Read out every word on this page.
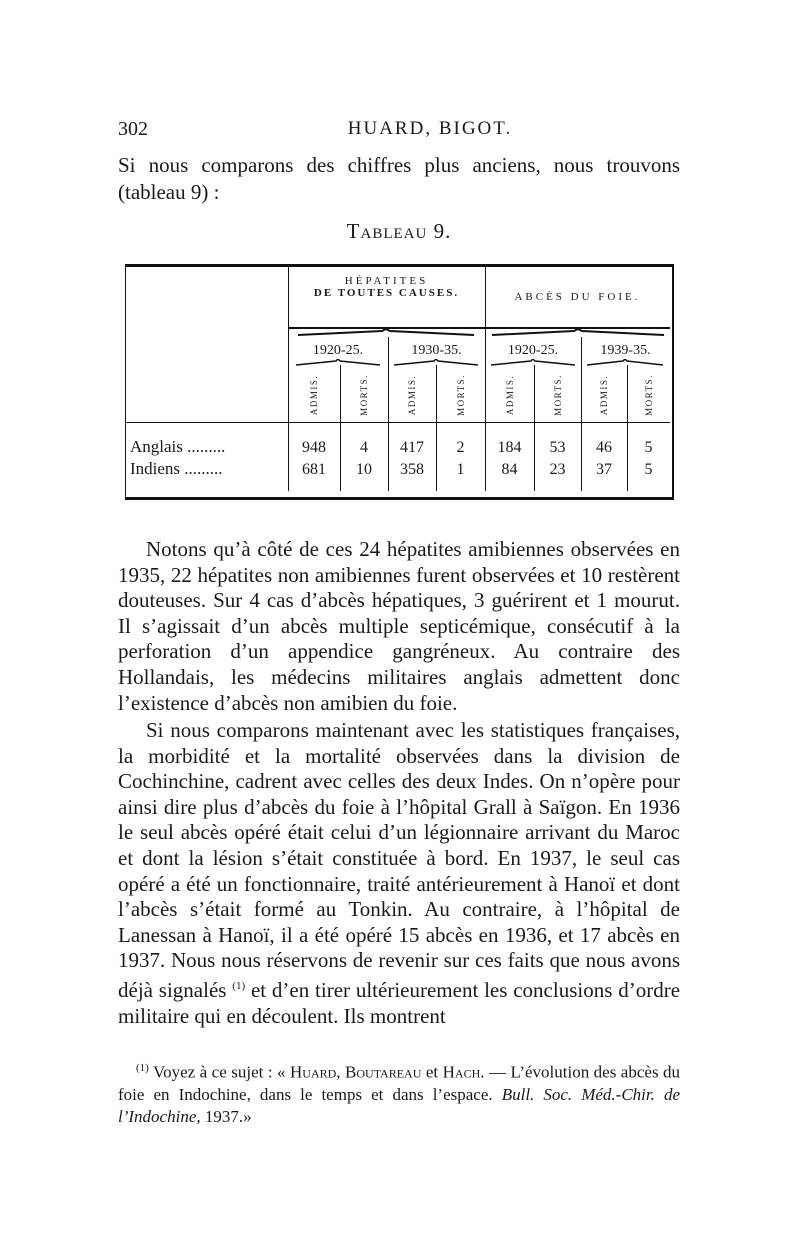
302	HUARD, BIGOT.

Si nous comparons des chiffres plus anciens, nous trouvons (tableau 9) :

Tableau 9.
HÉPATITES
DE TOUTES CAUSES.	ABCÈS DU FOIE.
1920-25.	1930-35.	1920-25.	1939-35.
ADMIS.	MORTS.	ADMIS.	MORTS.	ADMIS.	MORTS.	ADMIS.	MORTS.
Anglais .........	948	4	417	2	184	53	46	5
Indiens .........	681	10	358	1	84	23	37	5

Notons qu’à côté de ces 24 hépatites amibiennes observées en 1935, 22 hépatites non amibiennes furent observées et 10 restèrent douteuses. Sur 4 cas d’abcès hépatiques, 3 guérirent et 1 mourut. Il s’agissait d’un abcès multiple septicémique, consécutif à la perforation d’un appendice gangréneux. Au contraire des Hollandais, les médecins militaires anglais admettent donc l’existence d’abcès non amibien du foie.

Si nous comparons maintenant avec les statistiques françaises, la morbidité et la mortalité observées dans la division de Cochinchine, cadrent avec celles des deux Indes. On n’opère pour ainsi dire plus d’abcès du foie à l’hôpital Grall à Saïgon. En 1936 le seul abcès opéré était celui d’un légionnaire arrivant du Maroc et dont la lésion s’était constituée à bord. En 1937, le seul cas opéré a été un fonctionnaire, traité antérieurement à Hanoï et dont l’abcès s’était formé au Tonkin. Au contraire, à l’hôpital de Lanessan à Hanoï, il a été opéré 15 abcès en 1936, et 17 abcès en 1937. Nous nous réservons de revenir sur ces faits que nous avons déjà signalés $^{(1)}$ et d’en tirer ultérieurement les conclusions d’ordre militaire qui en découlent. Ils montrent

$^{(1)}$ Voyez à ce sujet : « Huard, Boutareau et Hach. — L’évolution des abcès du foie en Indochine, dans le temps et dans l’espace. Bull. Soc. Méd.-Chir. de l’Indochine, 1937.»
